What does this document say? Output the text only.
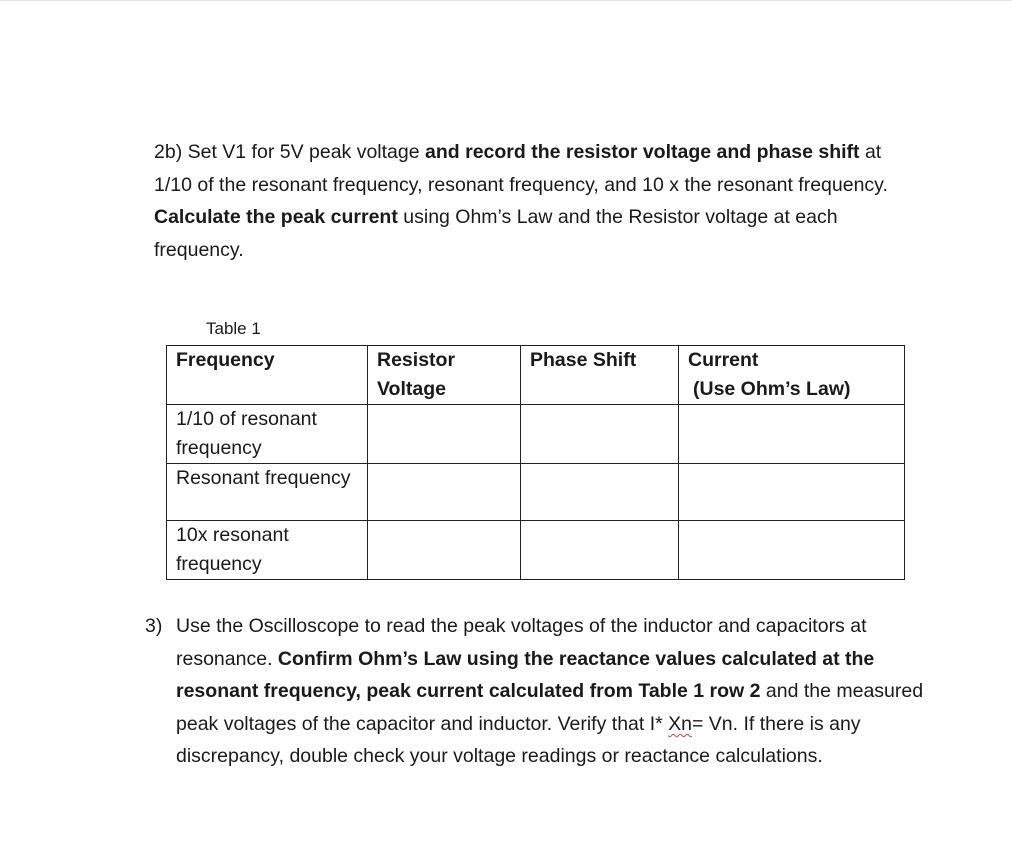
2b) Set V1 for 5V peak voltage and record the resistor voltage and phase shift at 1/10 of the resonant frequency, resonant frequency, and 10 x the resonant frequency. Calculate the peak current using Ohm’s Law and the Resistor voltage at each frequency.

Table 1
Frequency	Resistor Voltage	Phase Shift	Current
(Use Ohm’s Law)

1/10 of resonant frequency			
Resonant frequency			
10x resonant frequency			
3) Use the Oscilloscope to read the peak voltages of the inductor and capacitors at resonance. Confirm Ohm’s Law using the reactance values calculated at the resonant frequency, peak current calculated from Table 1 row 2 and the measured peak voltages of the capacitor and inductor. Verify that I* Xn= Vn. If there is any discrepancy, double check your voltage readings or reactance calculations.
